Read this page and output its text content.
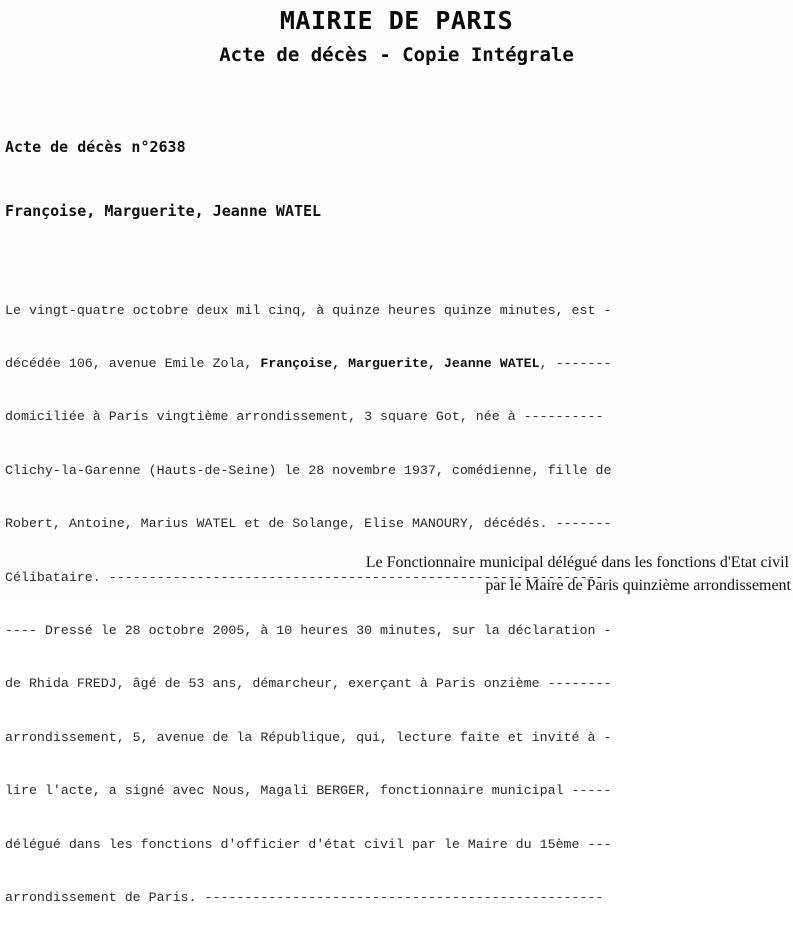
MAIRIE DE PARIS
Acte de décès - Copie Intégrale
Acte de décès n°2638
Françoise, Marguerite, Jeanne WATEL

Le vingt-quatre octobre deux mil cinq, à quinze heures quinze minutes, est -

décédée 106, avenue Emile Zola, Françoise, Marguerite, Jeanne WATEL, -------

domiciliée à Paris vingtième arrondissement, 3 square Got, née à ----------

Clichy-la-Garenne (Hauts-de-Seine) le 28 novembre 1937, comédienne, fille de

Robert, Antoine, Marius WATEL et de Solange, Elise MANOURY, décédés. -------

Célibataire. --------------------------------------------------------------

---- Dressé le 28 octobre 2005, à 10 heures 30 minutes, sur la déclaration -

de Rhida FREDJ, âgé de 53 ans, démarcheur, exerçant à Paris onzième --------

arrondissement, 5, avenue de la République, qui, lecture faite et invité à -

lire l'acte, a signé avec Nous, Magali BERGER, fonctionnaire municipal -----

délégué dans les fonctions d'officier d'état civil par le Maire du 15ème ---

arrondissement de Paris. --------------------------------------------------

Le Fonctionnaire municipal délégué dans les fonctions d'Etat civil
par le Maire de Paris quinzième arrondissement
